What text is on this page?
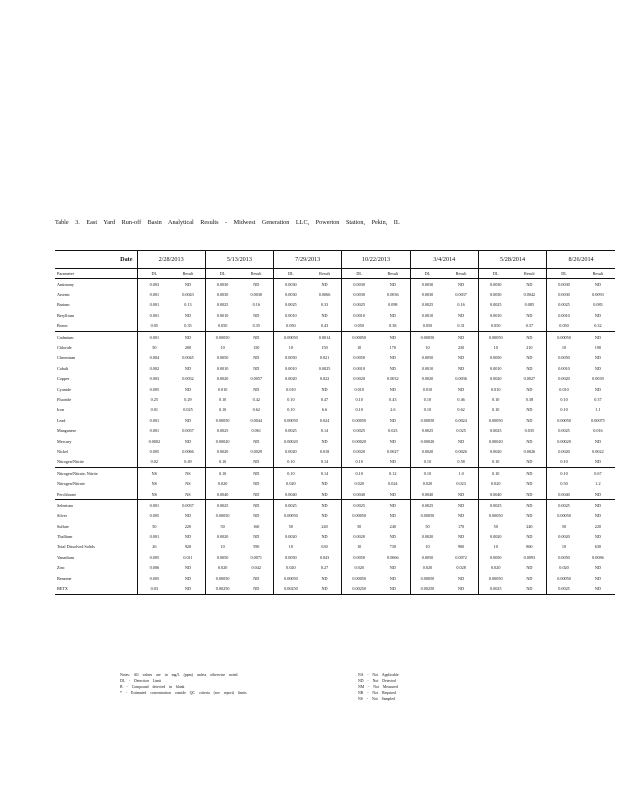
Table 3. East Yard Run-off Basin Analytical Results - Midwest Generation LLC, Powerton Station, Pekin, IL
Date	2/28/2013		5/13/2013		7/29/2013		10/22/2013		3/4/2014		5/28/2014		8/26/2014	
Parameter	DL	Result	DL	Result	DL	Result	DL	Result	DL	Result	DL	Result	DL	Result
Antimony	0.003	ND	0.0030	ND	0.0030	ND	0.0030	ND	0.0030	ND	0.0030	ND	0.0030	ND
Arsenic	0.001	0.0043	0.0030	0.0030	0.0030	0.0066	0.0030	0.0036	0.0030	0.0037	0.0030	0.0042	0.0030	0.0093
Barium	0.001	0.13	0.0025	0.16	0.0025	0.33	0.0025	0.098	0.0025	0.16	0.0025	0.085	0.0025	0.083
Beryllium	0.001	ND	0.0010	ND	0.0010	ND	0.0010	ND	0.0010	ND	0.0010	ND	0.0010	ND
Boron	0.05	0.35	0.050	0.35	0.050	0.43	0.050	0.38	0.050	0.31	0.050	0.37	0.050	0.32
Cadmium	0.001	ND	0.00050	ND	0.00050	0.0014	0.00050	ND	0.00050	ND	0.00050	ND	0.00050	ND
Chloride	50	200	10	150	10	150	10	170	10	230	10	210	10	190
Chromium	0.004	0.0045	0.0050	ND	0.0050	0.021	0.0050	ND	0.0050	ND	0.0050	ND	0.0050	ND
Cobalt	0.002	ND	0.0010	ND	0.0010	0.0025	0.0010	ND	0.0010	ND	0.0010	ND	0.0010	ND
Copper	0.003	0.0032	0.0020	0.0057	0.0020	0.022	0.0020	0.0032	0.0020	0.0036	0.0020	0.0027	0.0020	0.0039
Cyanide	0.005	ND	0.010	ND	0.010	ND	0.010	ND	0.010	ND	0.010	ND	0.010	ND
Fluoride	0.25	0.29	0.10	0.42	0.10	0.47	0.10	0.43	0.10	0.46	0.10	0.38	0.10	0.37
Iron	0.01	0.025	0.10	0.62	0.10	6.6	0.10	2.6	0.10	0.62	0.10	ND	0.10	1.1
Lead	0.001	ND	0.00050	0.0044	0.00050	0.024	0.00050	ND	0.00050	0.0024	0.00050	ND	0.00050	0.00075
Manganese	0.001	0.0037	0.0025	0.061	0.0025	0.14	0.0025	0.023	0.0025	0.025	0.0025	0.035	0.0025	0.016
Mercury	0.0002	ND	0.00020	ND	0.00020	ND	0.00020	ND	0.00020	ND	0.00020	ND	0.00020	ND
Nickel	0.005	0.0066	0.0020	0.0029	0.0020	0.018	0.0020	0.0027	0.0020	0.0026	0.0020	0.0026	0.0020	0.0022
Nitrogen/Nitrite	0.02	0.49	0.10	ND	0.10	0.14	0.10	ND	0.10	0.58	0.10	ND	0.10	ND
Nitrogen/Nitrate, Nitrite	NS	NS	0.10	ND	0.10	0.14	0.10	0.12	0.10	1.0	0.10	ND	0.10	0.67
Nitrogen/Nitrate	NS	NS	0.020	ND	0.020	ND	0.020	0.024	0.020	0.023	0.020	ND	0.50	1.2
Perchlorate	NS	NS	0.0040	ND	0.0040	ND	0.0040	ND	0.0040	ND	0.0040	ND	0.0040	ND
Selenium	0.001	0.0037	0.0025	ND	0.0025	ND	0.0025	ND	0.0025	ND	0.0025	ND	0.0025	ND
Silver	0.005	ND	0.00050	ND	0.00050	ND	0.00050	ND	0.00050	ND	0.00050	ND	0.00050	ND
Sulfate	50	220	50	160	50	240	50	240	50	170	50	240	50	220
Thallium	0.001	ND	0.0020	ND	0.0020	ND	0.0020	ND	0.0020	ND	0.0020	ND	0.0020	ND
Total Dissolved Solids	26	920	10	590	10	630	10	730	10	900	10	860	10	630
Vanadium	0.005	0.011	0.0050	0.0071	0.0050	0.043	0.0050	0.0066	0.0050	0.0072	0.0050	0.0093	0.0050	0.0086
Zinc	0.006	ND	0.020	0.042	0.020	0.27	0.020	ND	0.020	0.028	0.020	ND	0.020	ND
Benzene	0.005	ND	0.00050	ND	0.00050	ND	0.00050	ND	0.00050	ND	0.00050	ND	0.00050	ND
BETX	0.03	ND	0.00250	ND	0.00250	ND	0.00250	ND	0.00250	ND	0.0025	ND	0.0025	ND
Notes: All values are in mg/L (ppm) unless otherwise noted.
DL - Detection Limit
B - Compound detected in blank
* - Estimated concentration outside QC criteria (see report) limits
NA - Not Applicable
ND - Not Detected
NM - Not Measured
NR - Not Required
NS - Not Sampled
